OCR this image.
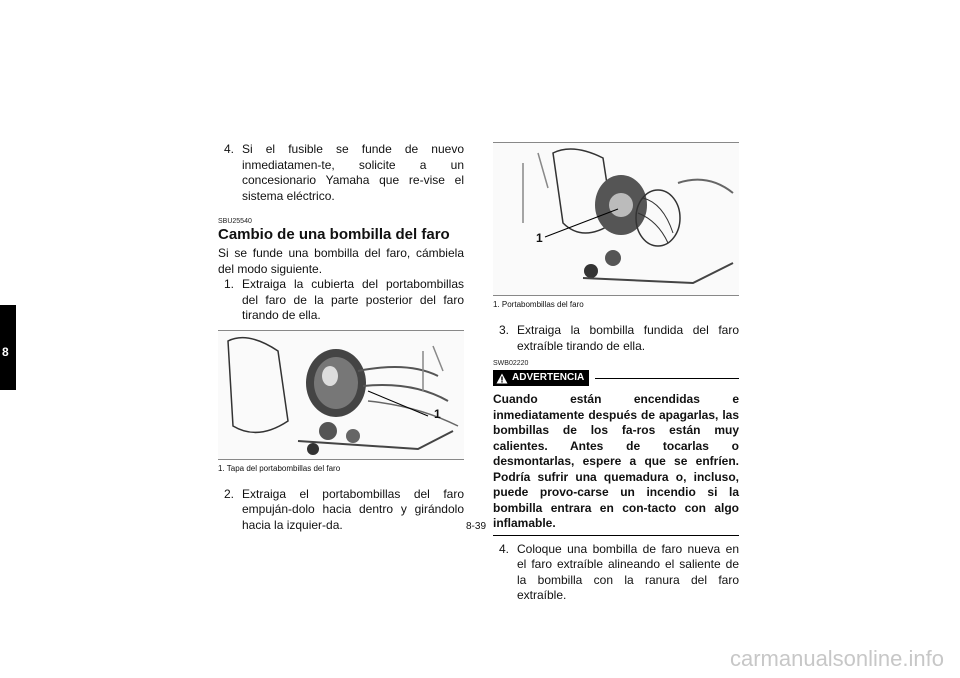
8

4. Si el fusible se funde de nuevo inmediatamen-te, solicite a un concesionario Yamaha que re-vise el sistema eléctrico.

SBU25540
Cambio de una bombilla del faro

Si se funde una bombilla del faro, cámbiela del modo siguiente.

1. Extraiga la cubierta del portabombillas del faro de la parte posterior del faro tirando de ella.

1
1. Tapa del portabombillas del faro

2. Extraiga el portabombillas del faro empuján-dolo hacia dentro y girándolo hacia la izquier-da.

1
1. Portabombillas del faro

3. Extraiga la bombilla fundida del faro extraíble tirando de ella.

SWB02220
ADVERTENCIA
Cuando están encendidas e inmediatamente después de apagarlas, las bombillas de los fa-ros están muy calientes. Antes de tocarlas o desmontarlas, espere a que se enfríen. Podría sufrir una quemadura o, incluso, puede provo-carse un incendio si la bombilla entrara en con-tacto con algo inflamable.

4. Coloque una bombilla de faro nueva en el faro extraíble alineando el saliente de la bombilla con la ranura del faro extraíble.

8-39
carmanualsonline.info
